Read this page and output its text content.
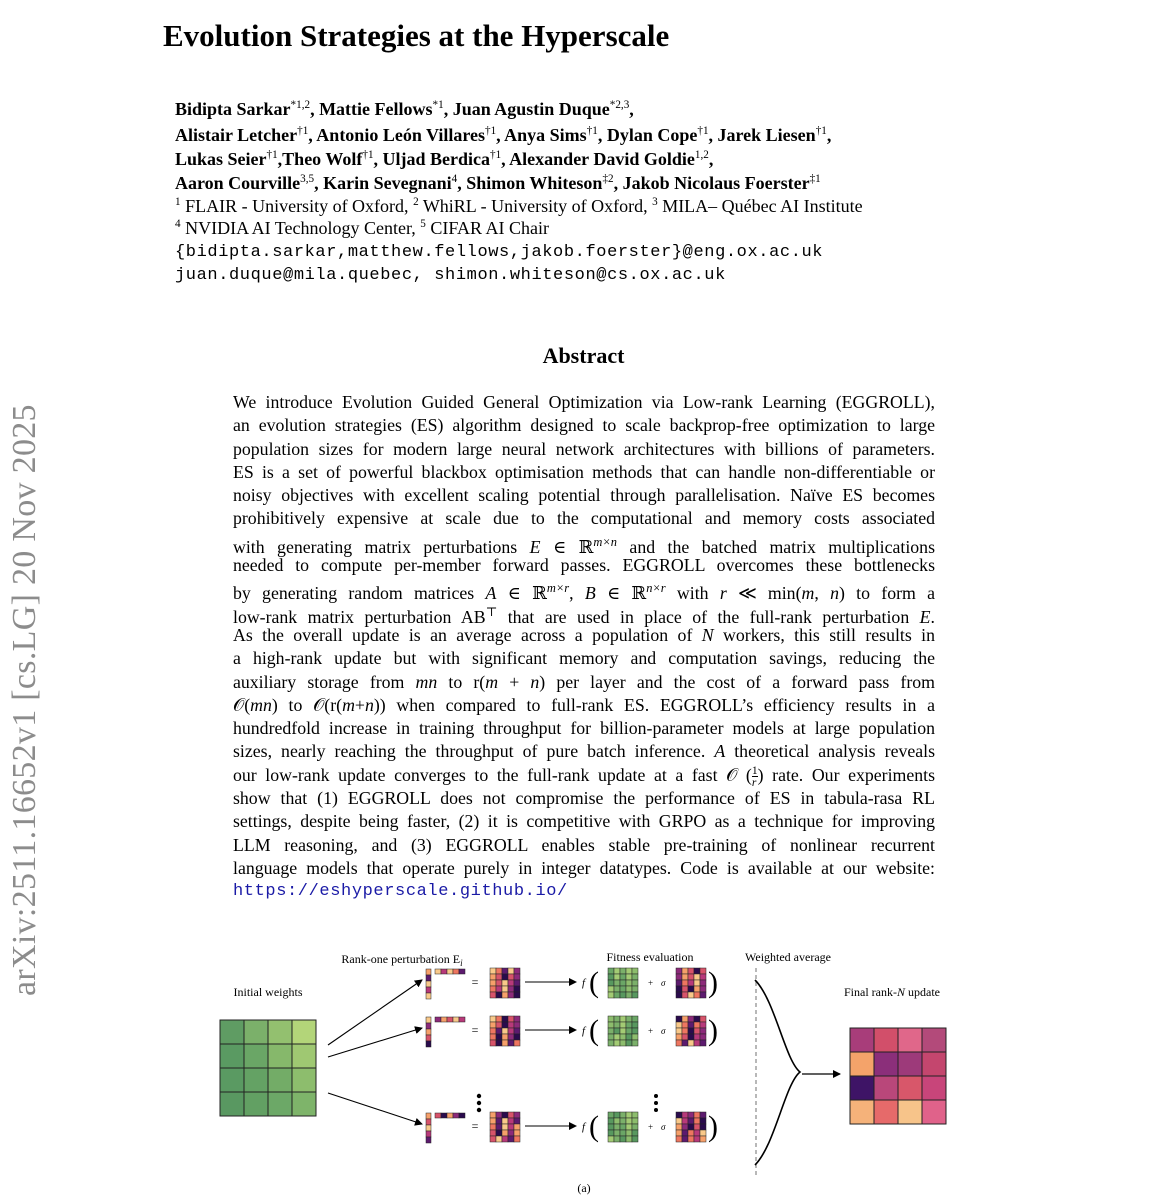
Evolution Strategies at the Hyperscale
arXiv:2511.16652v1 [cs.LG] 20 Nov 2025
Bidipta Sarkar$^{*1,2}$, Mattie Fellows$^{*1}$, Juan Agustin Duque$^{*2,3}$,
Alistair Letcher$^{\dagger 1}$, Antonio León Villares$^{\dagger 1}$, Anya Sims$^{\dagger 1}$, Dylan Cope$^{\dagger 1}$, Jarek Liesen$^{\dagger 1}$,
Lukas Seier$^{\dagger 1}$,Theo Wolf$^{\dagger 1}$, Uljad Berdica$^{\dagger 1}$, Alexander David Goldie$^{1,2}$,
Aaron Courville$^{3,5}$, Karin Sevegnani$^4$, Shimon Whiteson$^{\ddagger 2}$, Jakob Nicolaus Foerster$^{\ddagger 1}$
$^1$ FLAIR - University of Oxford, $^2$ WhiRL - University of Oxford, $^3$ MILA– Québec AI Institute
$^4$ NVIDIA AI Technology Center, $^5$ CIFAR AI Chair
{bidipta.sarkar,matthew.fellows,jakob.foerster}@eng.ox.ac.uk
juan.duque@mila.quebec, shimon.whiteson@cs.ox.ac.uk
Abstract
We introduce Evolution Guided General Optimization via Low-rank Learning (EGGROLL),
an evolution strategies (ES) algorithm designed to scale backprop-free optimization to large
population sizes for modern large neural network architectures with billions of parameters.
ES is a set of powerful blackbox optimisation methods that can handle non-differentiable or
noisy objectives with excellent scaling potential through parallelisation. Naïve ES becomes
prohibitively expensive at scale due to the computational and memory costs associated
with generating matrix perturbations E ∈ ℝ$^{m\times n}$ and the batched matrix multiplications
needed to compute per-member forward passes. EGGROLL overcomes these bottlenecks
by generating random matrices A ∈ ℝ$^{m\times r}$, B ∈ ℝ$^{n\times r}$ with r ≪ min(m, n) to form a
low-rank matrix perturbation AB⊤ that are used in place of the full-rank perturbation E.
As the overall update is an average across a population of N workers, this still results in
a high-rank update but with significant memory and computation savings, reducing the
auxiliary storage from mn to r(m + n) per layer and the cost of a forward pass from
𝒪(mn) to 𝒪(r(m+n)) when compared to full-rank ES. EGGROLL’s efficiency results in a
hundredfold increase in training throughput for billion-parameter models at large population
sizes, nearly reaching the throughput of pure batch inference. A theoretical analysis reveals
our low-rank update converges to the full-rank update at a fast 𝒪 ( $\frac{1}{r}$) rate. Our experiments
show that (1) EGGROLL does not compromise the performance of ES in tabula-rasa RL
settings, despite being faster, (2) it is competitive with GRPO as a technique for improving
LLM reasoning, and (3) EGGROLL enables stable pre-training of nonlinear recurrent
language models that operate purely in integer datatypes. Code is available at our website:
https://eshyperscale.github.io/
Initial weights
Rank-one perturbation $E_i$	Fitness evaluation	Weighted average
Final rank-N update
=	f (	+ σ )
=	f (	+ σ )
=	f (	+ σ )
(a)
